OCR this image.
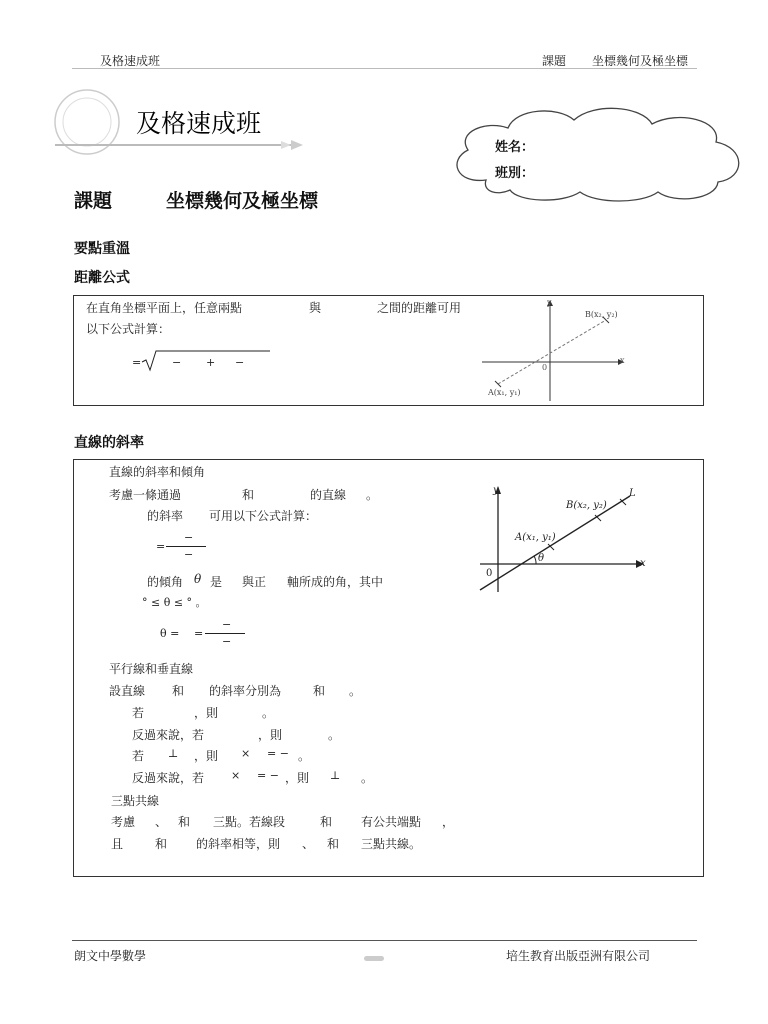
及格速成班	課題 坐標幾何及極坐標
及格速成班
姓名：
班別：
課題	坐標幾何及極坐標
要點重溫
距離公式
在直角坐標平面上，任意兩點	與	之間的距離可用
以下公式計算：
=	− + −
y
x
0
A(x₁, y₁)
B(x₂, y₂)
直線的斜率
直線的斜率和傾角
考慮一條通過	和	的直線 。
的斜率 可用以下公式計算：
−
=
−
的傾角 θ 是 與正 軸所成的角，其中
° ≤ θ ≤ ° 。
θ = =
−
−
平行線和垂直線
設直線 和 的斜率分別為	和 。
若	，則	。
反過來說，若	，則	。
若 ⊥ ，則 × = − 。
反過來說，若 × = − ，則 ⊥ 。
三點共線
考慮 、 和 三點。若線段	和 有公共端點 ，
且	和 的斜率相等，則 、 和 三點共線。
y
x
0
A(x₁, y₁)
B(x₂, y₂)
L
θ
朗文中學數學	培生教育出版亞洲有限公司
